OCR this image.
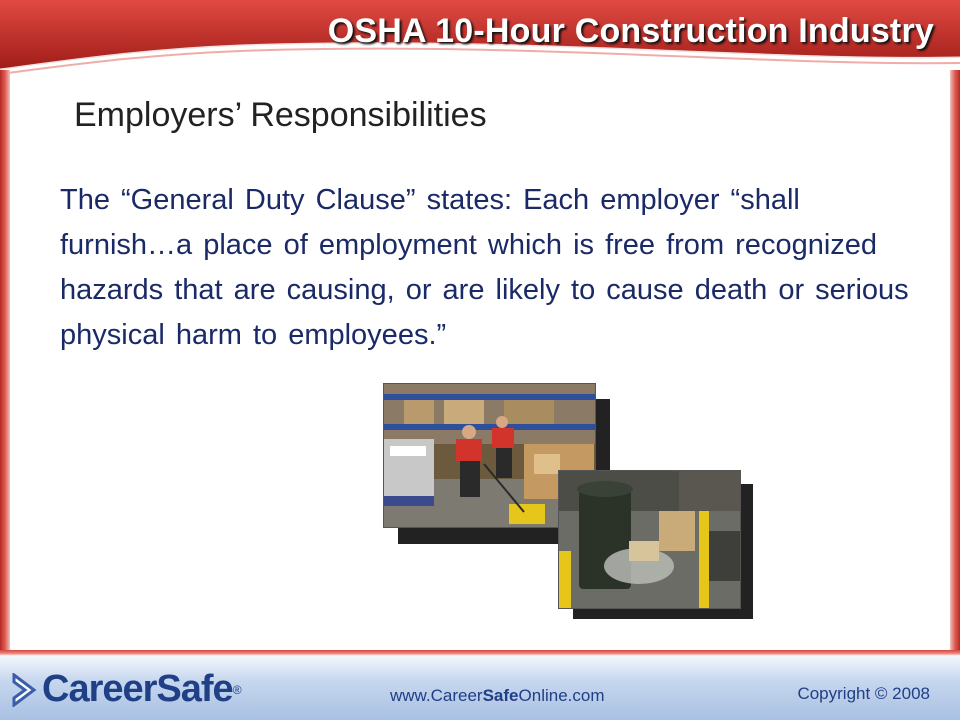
OSHA 10-Hour Construction Industry
Employers’ Responsibilities

The “General Duty Clause” states: Each employer “shall furnish…a place of employment which is free from recognized hazards that are causing, or are likely to cause death or serious physical harm to employees.”

CareerSafe ®	www.CareerSafeOnline.com	Copyright © 2008
